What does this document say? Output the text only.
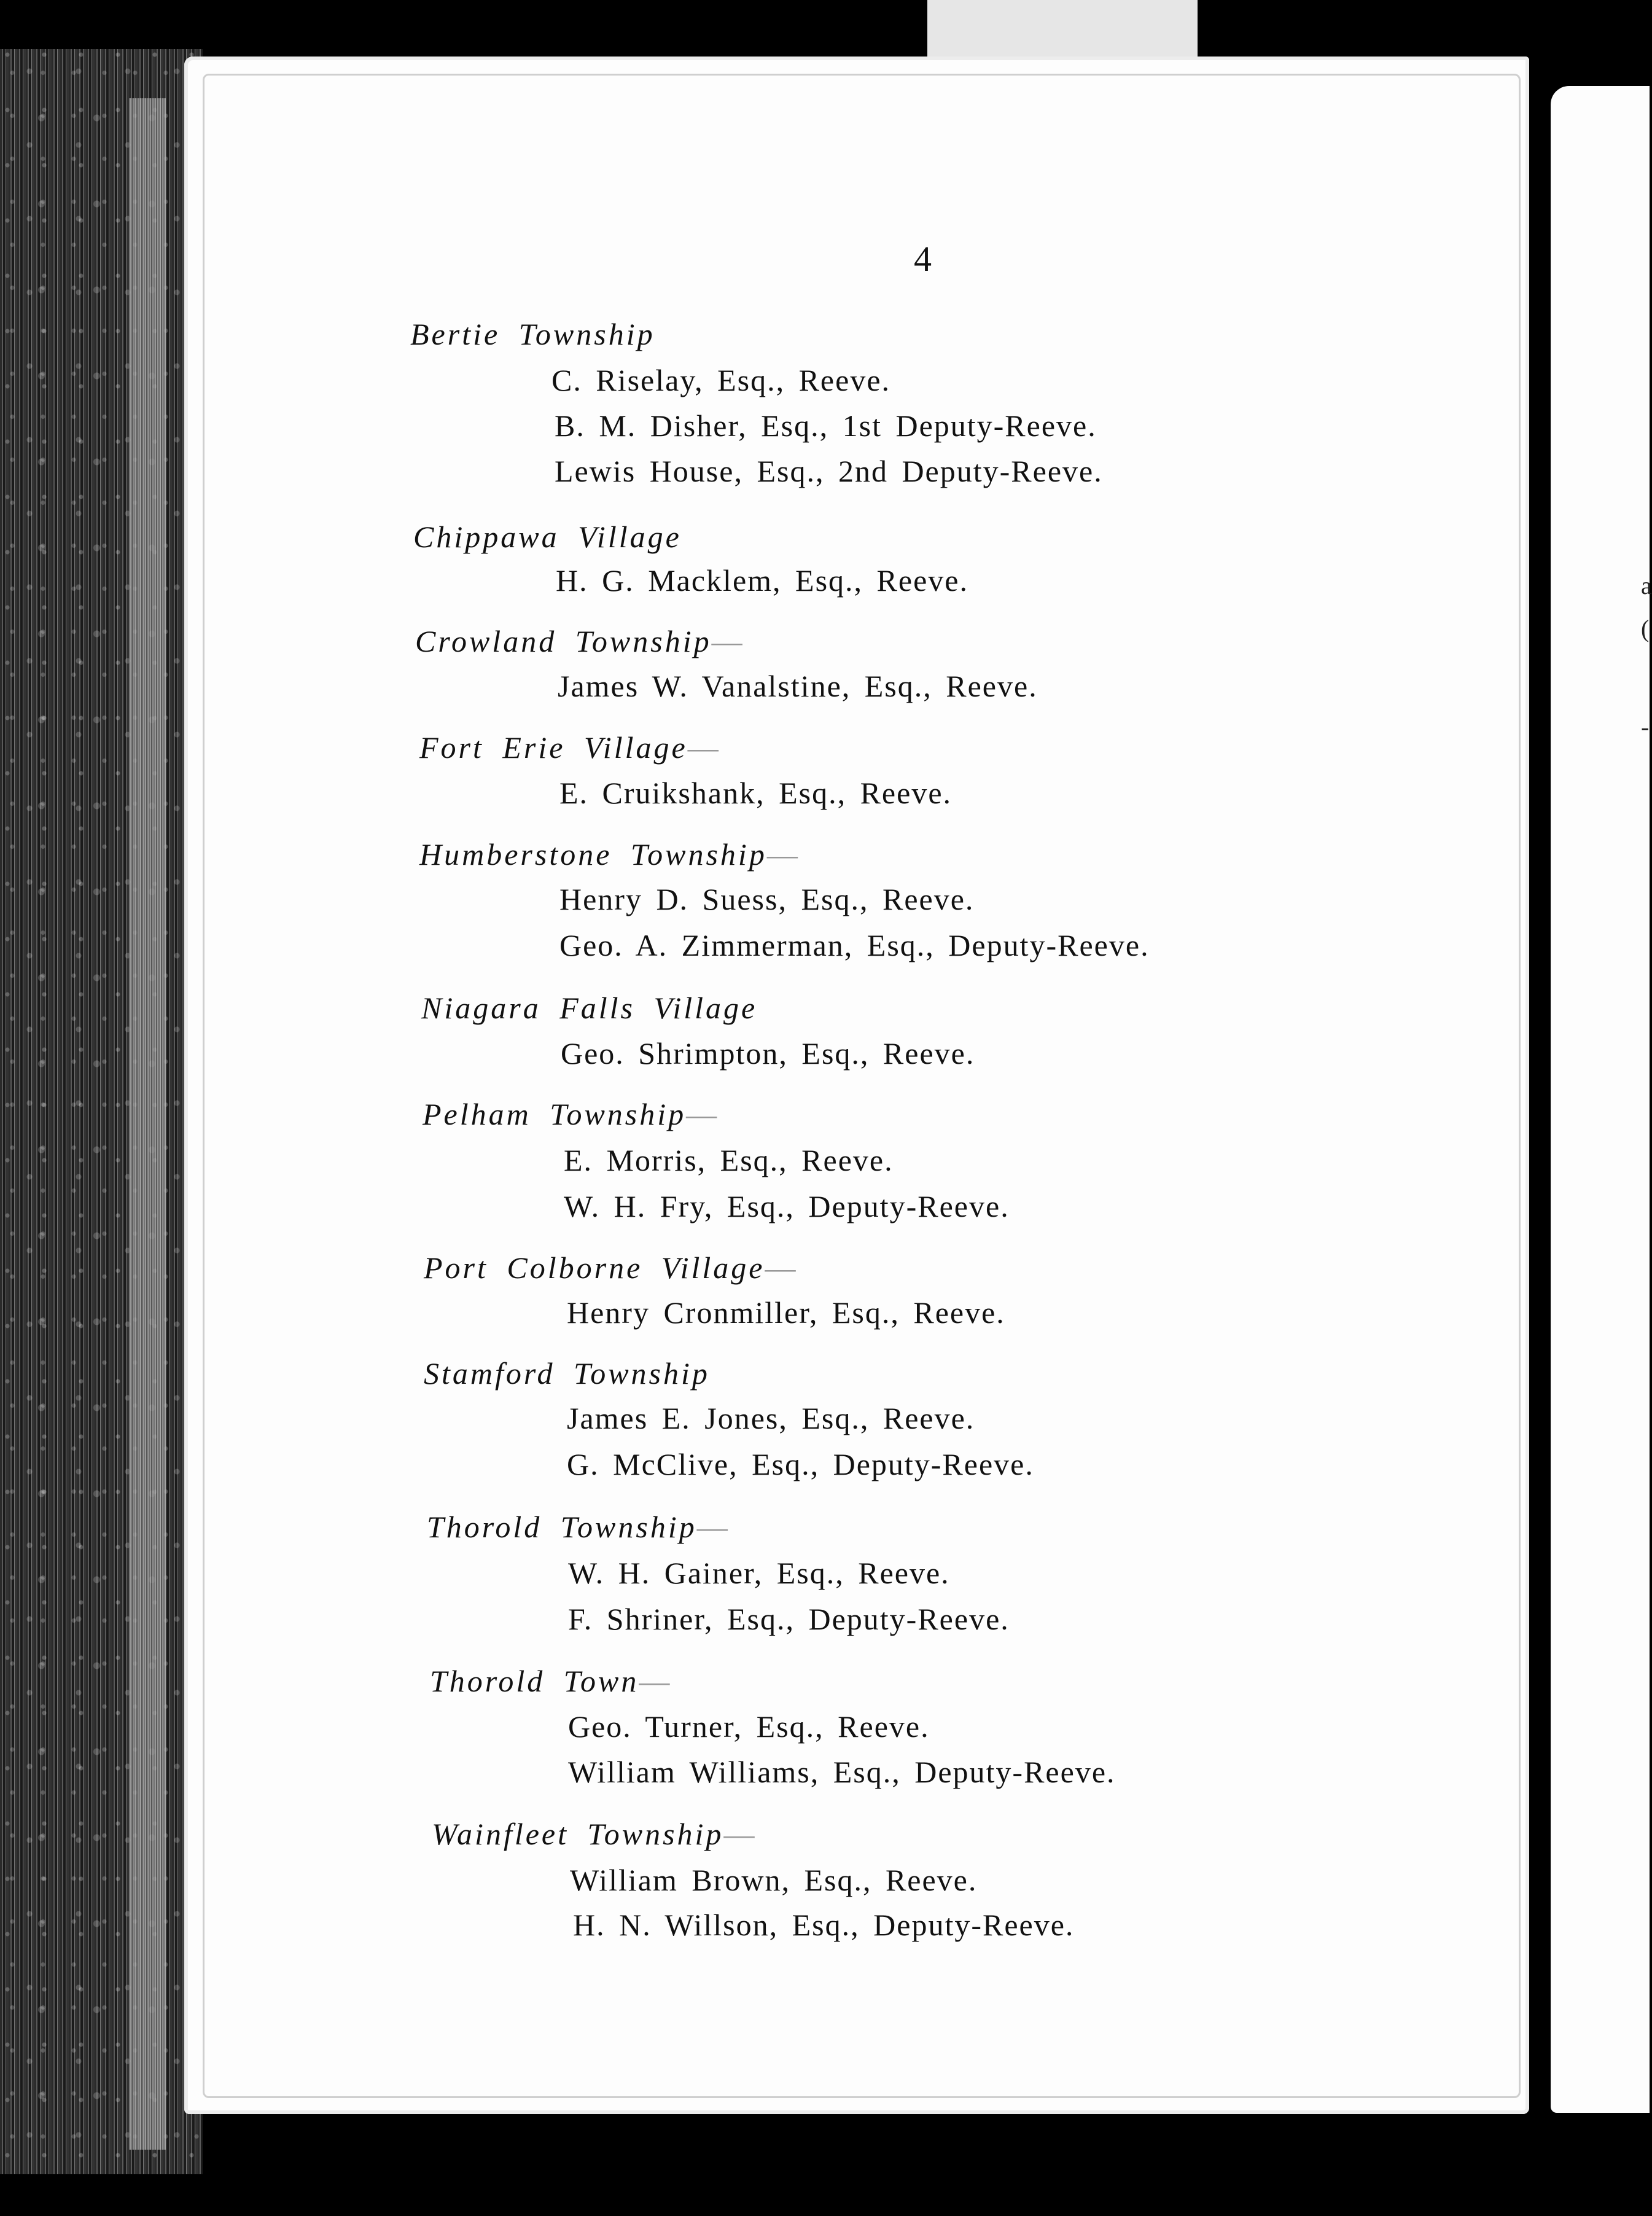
a
(
-
4
Bertie Township
C. Riselay, Esq., Reeve.
B. M. Disher, Esq., 1st Deputy-Reeve.
Lewis House, Esq., 2nd Deputy-Reeve.
Chippawa Village
H. G. Macklem, Esq., Reeve.
Crowland Township—
James W. Vanalstine, Esq., Reeve.
Fort Erie Village—
E. Cruikshank, Esq., Reeve.
Humberstone Township—
Henry D. Suess, Esq., Reeve.
Geo. A. Zimmerman, Esq., Deputy-Reeve.
Niagara Falls Village
Geo. Shrimpton, Esq., Reeve.
Pelham Township—
E. Morris, Esq., Reeve.
W. H. Fry, Esq., Deputy-Reeve.
Port Colborne Village—
Henry Cronmiller, Esq., Reeve.
Stamford Township
James E. Jones, Esq., Reeve.
G. McClive, Esq., Deputy-Reeve.
Thorold Township—
W. H. Gainer, Esq., Reeve.
F. Shriner, Esq., Deputy-Reeve.
Thorold Town—
Geo. Turner, Esq., Reeve.
William Williams, Esq., Deputy-Reeve.
Wainfleet Township—
William Brown, Esq., Reeve.
H. N. Willson, Esq., Deputy-Reeve.
